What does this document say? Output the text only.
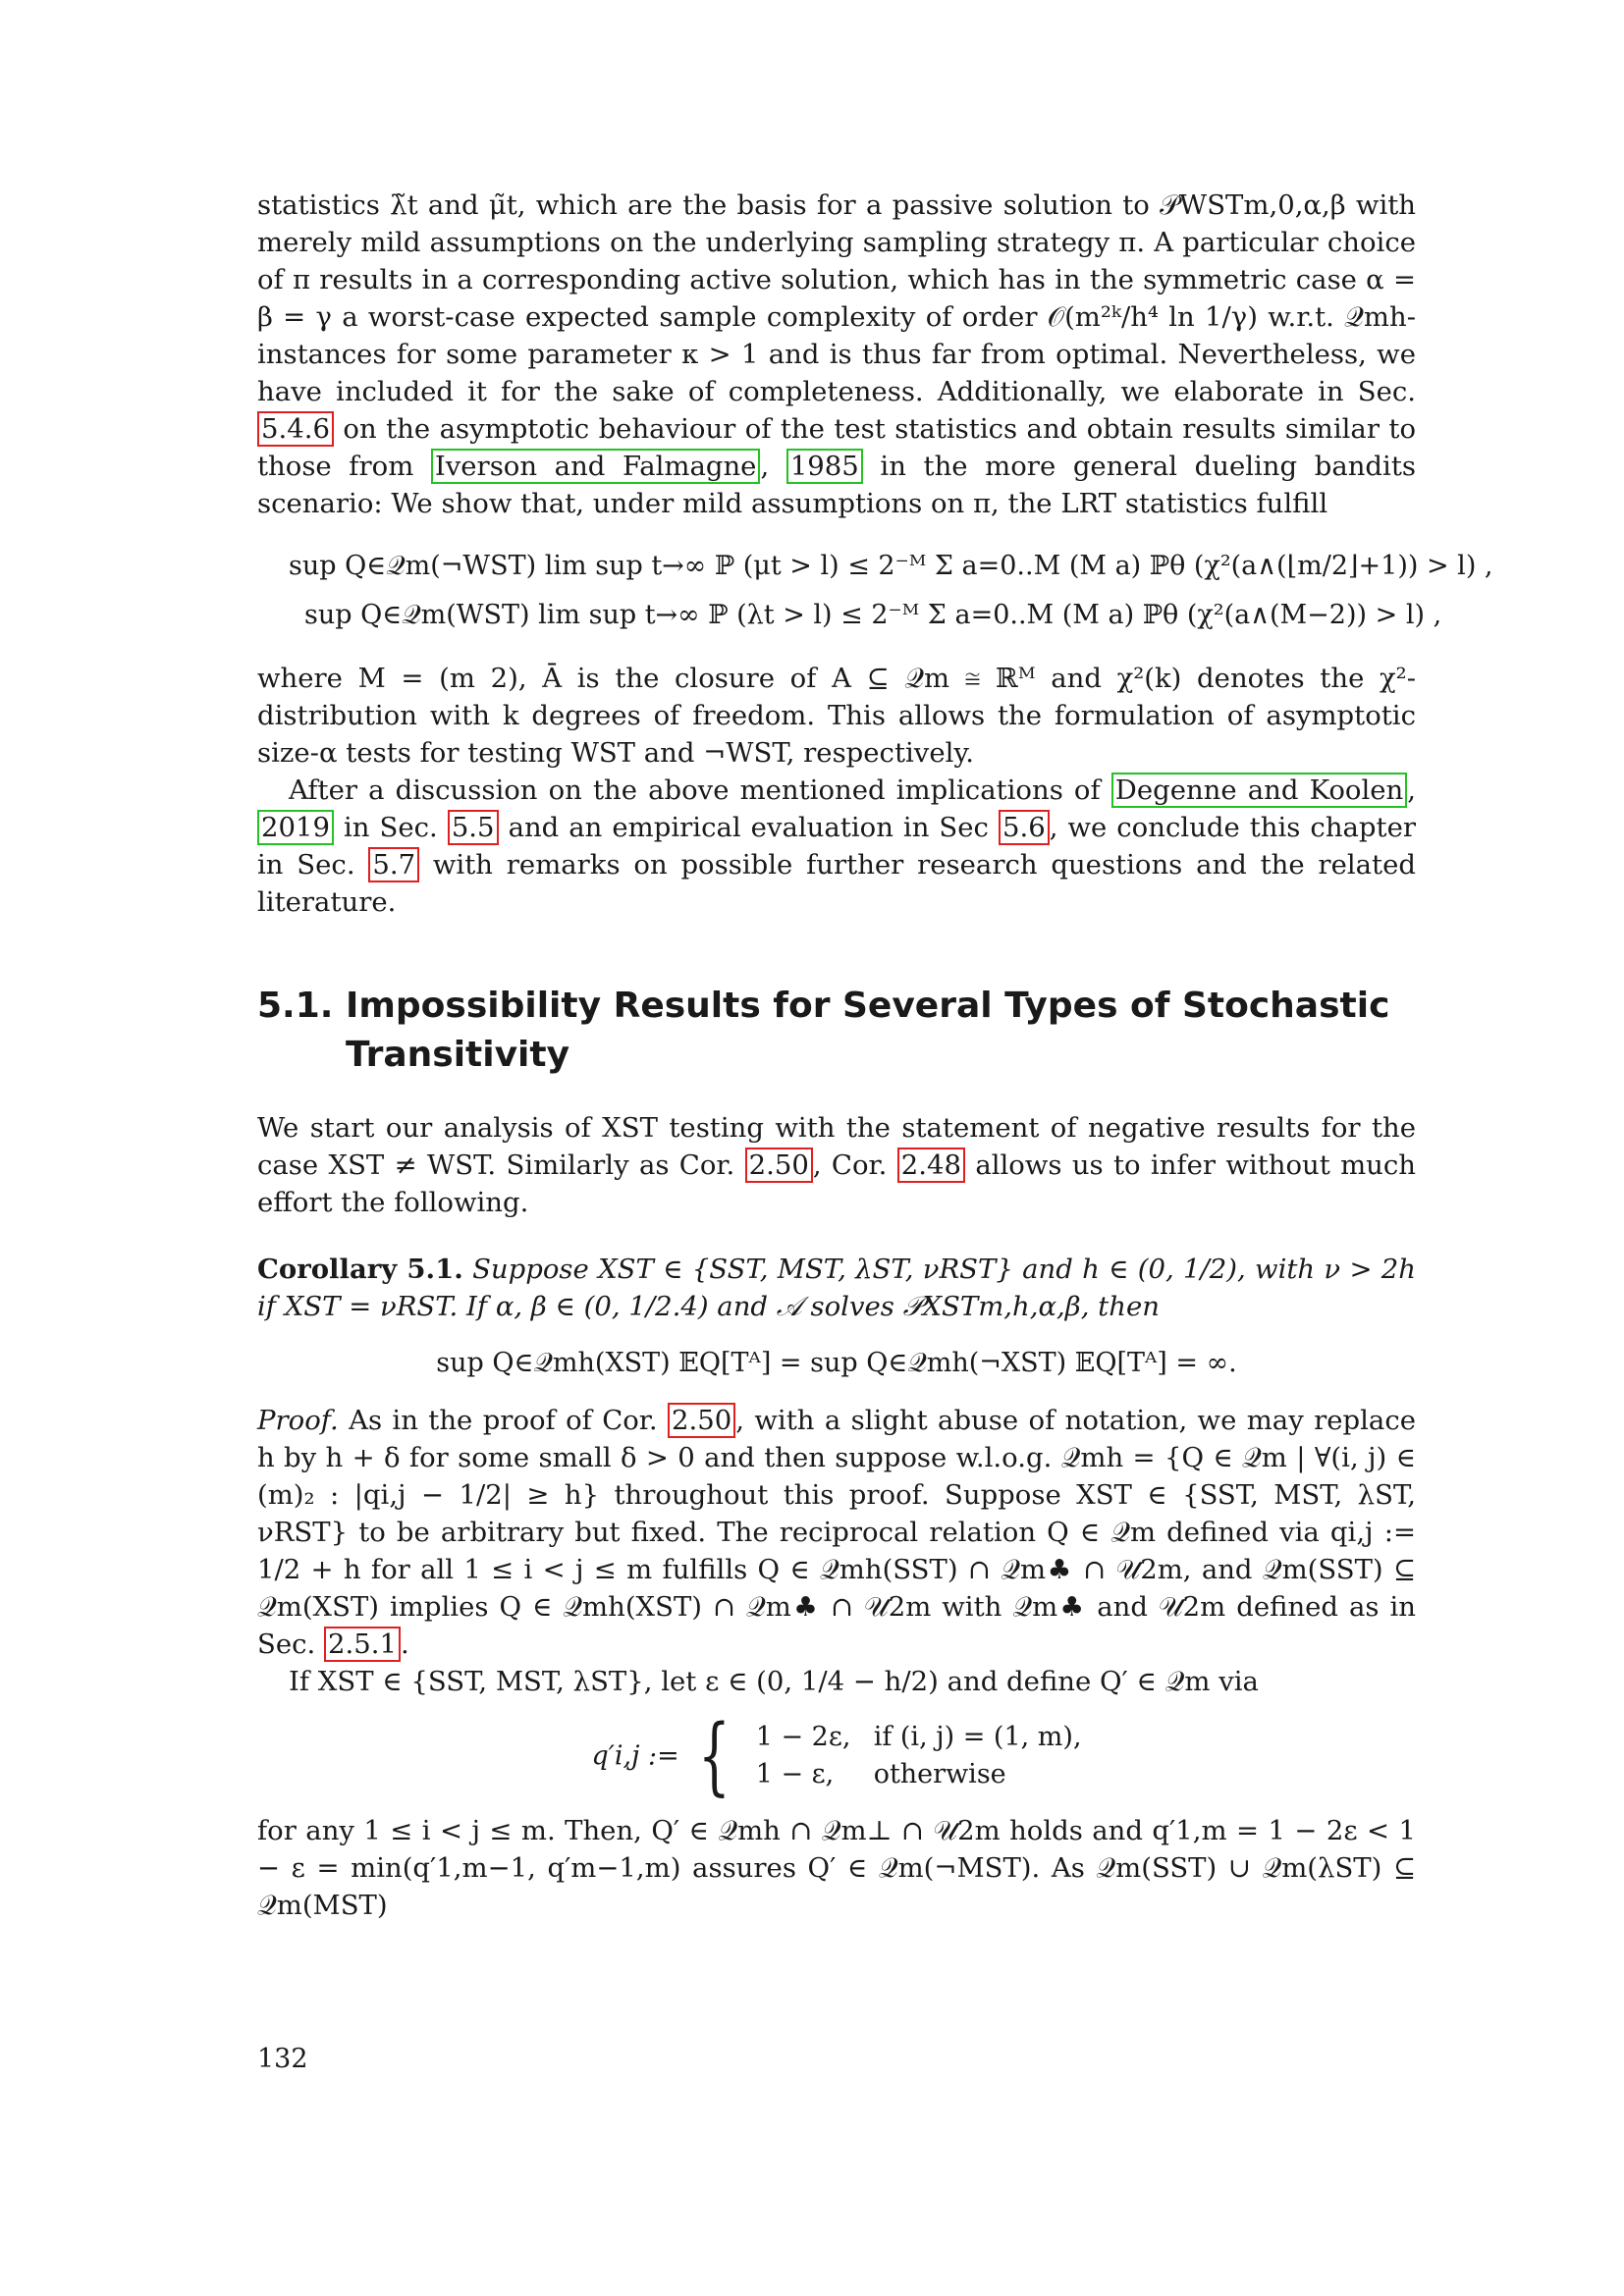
statistics λ̃t and μ̃t, which are the basis for a passive solution to 𝒫WSTm,0,α,β with merely mild assumptions on the underlying sampling strategy π. A particular choice of π results in a corresponding active solution, which has in the symmetric case α = β = γ a worst-case expected sample complexity of order 𝒪(m²ᵏ/h⁴ ln 1/γ) w.r.t. 𝒬mh-instances for some parameter κ > 1 and is thus far from optimal. Nevertheless, we have included it for the sake of completeness. Additionally, we elaborate in Sec. 5.4.6 on the asymptotic behaviour of the test statistics and obtain results similar to those from Iverson and Falmagne , 1985 in the more general dueling bandits scenario: We show that, under mild assumptions on π, the LRT statistics fulfill

sup Q∈𝒬m(¬WST) lim sup t→∞ ℙ (μt > l) ≤ 2⁻ᴹ Σ a=0..M (M a) ℙθ (χ²(a∧(⌊m/2⌋+1)) > l) ,
sup Q∈𝒬m(WST) lim sup t→∞ ℙ (λt > l) ≤ 2⁻ᴹ Σ a=0..M (M a) ℙθ (χ²(a∧(M−2)) > l) ,

where M = (m 2), Ā is the closure of A ⊆ 𝒬m ≅ ℝᴹ and χ²(k) denotes the χ²-distribution with k degrees of freedom. This allows the formulation of asymptotic size-α tests for testing WST and ¬WST, respectively.

After a discussion on the above mentioned implications of Degenne and Koolen , 2019 in Sec. 5.5 and an empirical evaluation in Sec 5.6 , we conclude this chapter in Sec. 5.7 with remarks on possible further research questions and the related literature.

5.1. Impossibility Results for Several Types of Stochastic Transitivity

We start our analysis of XST testing with the statement of negative results for the case XST ≠ WST. Similarly as Cor. 2.50 , Cor. 2.48 allows us to infer without much effort the following.

Corollary 5.1. Suppose XST ∈ {SST, MST, λST, νRST} and h ∈ (0, 1/2), with ν > 2h if XST = νRST. If α, β ∈ (0, 1/2.4) and 𝒜 solves 𝒫XSTm,h,α,β, then

sup Q∈𝒬mh(XST) 𝔼Q[Tᴬ] = sup Q∈𝒬mh(¬XST) 𝔼Q[Tᴬ] = ∞.

Proof. As in the proof of Cor. 2.50 , with a slight abuse of notation, we may replace h by h + δ for some small δ > 0 and then suppose w.l.o.g. 𝒬mh = {Q ∈ 𝒬m | ∀(i, j) ∈ (m)₂ : |qi,j − 1/2| ≥ h} throughout this proof. Suppose XST ∈ {SST, MST, λST, νRST} to be arbitrary but fixed. The reciprocal relation Q ∈ 𝒬m defined via qi,j := 1/2 + h for all 1 ≤ i < j ≤ m fulfills Q ∈ 𝒬mh(SST) ∩ 𝒬m♣ ∩ 𝒰2m, and 𝒬m(SST) ⊆ 𝒬m(XST) implies Q ∈ 𝒬mh(XST) ∩ 𝒬m♣ ∩ 𝒰2m with 𝒬m♣ and 𝒰2m defined as in Sec. 2.5.1 .

If XST ∈ {SST, MST, λST}, let ε ∈ (0, 1/4 − h/2) and define Q′ ∈ 𝒬m via

q′i,j := { 1 − 2ε, if (i, j) = (1, m),
1 − ε, otherwise

for any 1 ≤ i < j ≤ m. Then, Q′ ∈ 𝒬mh ∩ 𝒬m⊥ ∩ 𝒰2m holds and q′1,m = 1 − 2ε < 1 − ε = min(q′1,m−1, q′m−1,m) assures Q′ ∈ 𝒬m(¬MST). As 𝒬m(SST) ∪ 𝒬m(λST) ⊆ 𝒬m(MST)

132
